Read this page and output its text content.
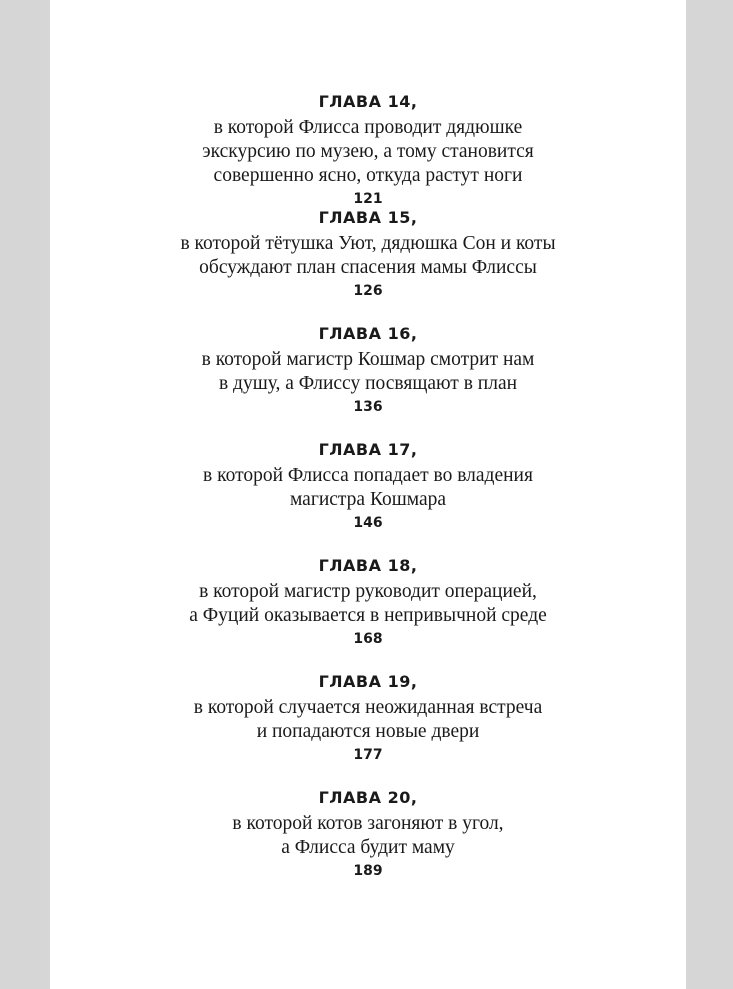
ГЛАВА 14,
в которой Флисса проводит дядюшке
экскурсию по музею, а тому становится
совершенно ясно, откуда растут ноги
121
ГЛАВА 15,
в которой тётушка Уют, дядюшка Сон и коты
обсуждают план спасения мамы Флиссы
126
ГЛАВА 16,
в которой магистр Кошмар смотрит нам
в душу, а Флиссу посвящают в план
136
ГЛАВА 17,
в которой Флисса попадает во владения
магистра Кошмара
146
ГЛАВА 18,
в которой магистр руководит операцией,
а Фуций оказывается в непривычной среде
168
ГЛАВА 19,
в которой случается неожиданная встреча
и попадаются новые двери
177
ГЛАВА 20,
в которой котов загоняют в угол,
а Флисса будит маму
189
